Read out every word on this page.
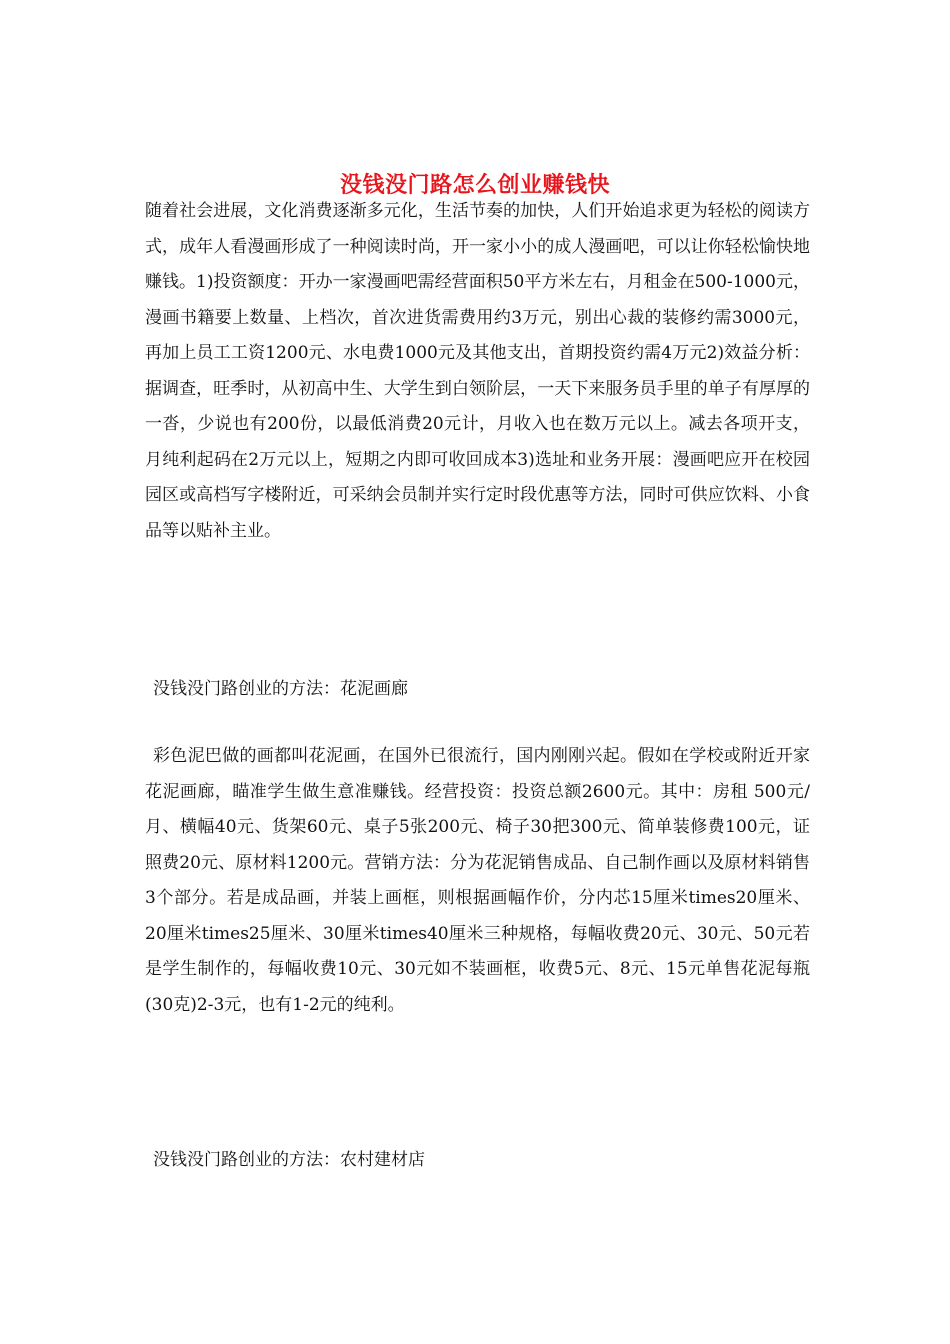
没钱没门路怎么创业赚钱快

随着社会进展，文化消费逐渐多元化，生活节奏的加快，人们开始追求更为轻松的阅读方式，成年人看漫画形成了一种阅读时尚，开一家小小的成人漫画吧，可以让你轻松愉快地赚钱。1)投资额度：开办一家漫画吧需经营面积50平方米左右，月租金在500-1000元，漫画书籍要上数量、上档次，首次进货需费用约3万元，别出心裁的装修约需3000元，再加上员工工资1200元、水电费1000元及其他支出，首期投资约需4万元2)效益分析：据调查，旺季时，从初高中生、大学生到白领阶层，一天下来服务员手里的单子有厚厚的一沓，少说也有200份，以最低消费20元计，月收入也在数万元以上。减去各项开支，月纯利起码在2万元以上，短期之内即可收回成本3)选址和业务开展：漫画吧应开在校园园区或高档写字楼附近，可采纳会员制并实行定时段优惠等方法，同时可供应饮料、小食品等以贴补主业。

没钱没门路创业的方法：花泥画廊

彩色泥巴做的画都叫花泥画，在国外已很流行，国内刚刚兴起。假如在学校或附近开家花泥画廊，瞄准学生做生意准赚钱。经营投资：投资总额2600元。其中：房租 500元/月、横幅40元、货架60元、桌子5张200元、椅子30把300元、简单装修费100元，证照费20元、原材料1200元。营销方法：分为花泥销售成品、自己制作画以及原材料销售3个部分。若是成品画，并装上画框，则根据画幅作价，分内芯15厘米times20厘米、20厘米times25厘米、30厘米times40厘米三种规格，每幅收费20元、30元、50元若是学生制作的，每幅收费10元、30元如不装画框，收费5元、8元、15元单售花泥每瓶(30克)2-3元，也有1-2元的纯利。

没钱没门路创业的方法：农村建材店
